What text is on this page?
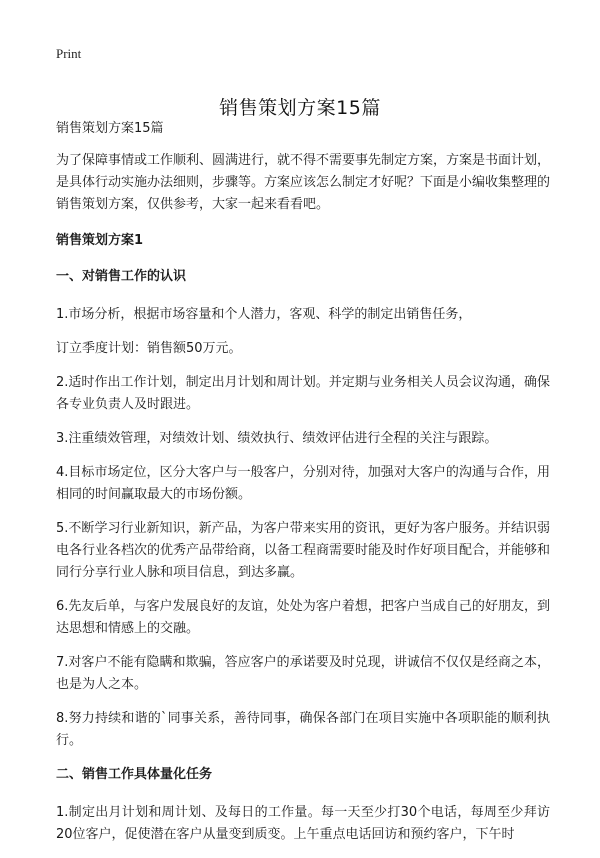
Print
销售策划方案15篇

销售策划方案15篇

为了保障事情或工作顺利、圆满进行，就不得不需要事先制定方案，方案是书面计划，是具体行动实施办法细则，步骤等。方案应该怎么制定才好呢？下面是小编收集整理的销售策划方案，仅供参考，大家一起来看看吧。

销售策划方案1
一、对销售工作的认识

1.市场分析，根据市场容量和个人潜力，客观、科学的制定出销售任务，

订立季度计划：销售额50万元。

2.适时作出工作计划，制定出月计划和周计划。并定期与业务相关人员会议沟通，确保各专业负责人及时跟进。

3.注重绩效管理，对绩效计划、绩效执行、绩效评估进行全程的关注与跟踪。

4.目标市场定位，区分大客户与一般客户，分别对待，加强对大客户的沟通与合作，用相同的时间赢取最大的市场份额。

5.不断学习行业新知识，新产品，为客户带来实用的资讯，更好为客户服务。并结识弱电各行业各档次的优秀产品带给商，以备工程商需要时能及时作好项目配合，并能够和同行分享行业人脉和项目信息，到达多赢。

6.先友后单，与客户发展良好的友谊，处处为客户着想，把客户当成自己的好朋友，到达思想和情感上的交融。

7.对客户不能有隐瞒和欺骗，答应客户的承诺要及时兑现，讲诚信不仅仅是经商之本，也是为人之本。

8.努力持续和谐的`同事关系，善待同事，确保各部门在项目实施中各项职能的顺利执行。

二、销售工作具体量化任务

1.制定出月计划和周计划、及每日的工作量。每一天至少打30个电话，每周至少拜访20位客户，促使潜在客户从量变到质变。上午重点电话回访和预约客户，下午时
